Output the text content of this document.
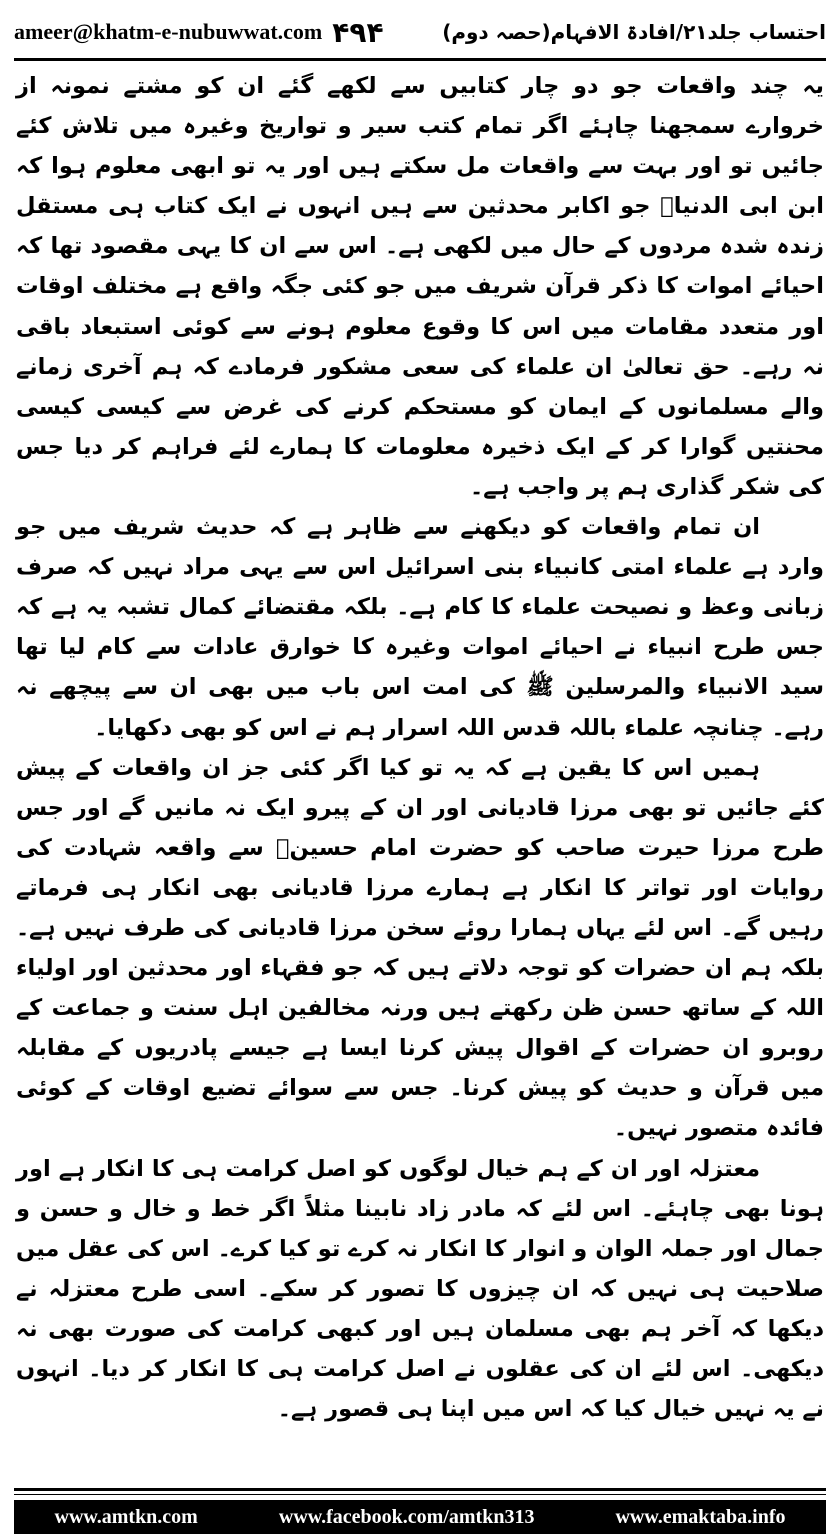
ameer@khatm-e-nubuwwat.com ۴۹۴	احتساب جلد۲۱/افادۃ الافہام(حصہ دوم)

یہ چند واقعات جو دو چار کتابیں سے لکھے گئے ان کو مشتے نمونہ از خروارے سمجھنا چاہئے اگر تمام کتب سیر و تواریخ وغیرہ میں تلاش کئے جائیں تو اور بہت سے واقعات مل سکتے ہیں اور یہ تو ابھی معلوم ہوا کہ ابن ابی الدنیاؒ جو اکابر محدثین سے ہیں انہوں نے ایک کتاب ہی مستقل زندہ شدہ مردوں کے حال میں لکھی ہے۔ اس سے ان کا یہی مقصود تھا کہ احیائے اموات کا ذکر قرآن شریف میں جو کئی جگہ واقع ہے مختلف اوقات اور متعدد مقامات میں اس کا وقوع معلوم ہونے سے کوئی استبعاد باقی نہ رہے۔ حق تعالیٰ ان علماء کی سعی مشکور فرمادے کہ ہم آخری زمانے والے مسلمانوں کے ایمان کو مستحکم کرنے کی غرض سے کیسی کیسی محنتیں گوارا کر کے ایک ذخیرہ معلومات کا ہمارے لئے فراہم کر دیا جس کی شکر گذاری ہم پر واجب ہے۔

ان تمام واقعات کو دیکھنے سے ظاہر ہے کہ حدیث شریف میں جو وارد ہے علماء امتی کانبیاء بنی اسرائیل اس سے یہی مراد نہیں کہ صرف زبانی وعظ و نصیحت علماء کا کام ہے۔ بلکہ مقتضائے کمال تشبہ یہ ہے کہ جس طرح انبیاء نے احیائے اموات وغیرہ کا خوارق عادات سے کام لیا تھا سید الانبیاء والمرسلین ﷺ کی امت اس باب میں بھی ان سے پیچھے نہ رہے۔ چنانچہ علماء باللہ قدس اللہ اسرار ہم نے اس کو بھی دکھایا۔

ہمیں اس کا یقین ہے کہ یہ تو کیا اگر کئی جز ان واقعات کے پیش کئے جائیں تو بھی مرزا قادیانی اور ان کے پیرو ایک نہ مانیں گے اور جس طرح مرزا حیرت صاحب کو حضرت امام حسینؓ سے واقعہ شہادت کی روایات اور تواتر کا انکار ہے ہمارے مرزا قادیانی بھی انکار ہی فرماتے رہیں گے۔ اس لئے یہاں ہمارا روئے سخن مرزا قادیانی کی طرف نہیں ہے۔ بلکہ ہم ان حضرات کو توجہ دلاتے ہیں کہ جو فقہاء اور محدثین اور اولیاء اللہ کے ساتھ حسن ظن رکھتے ہیں ورنہ مخالفین اہل سنت و جماعت کے روبرو ان حضرات کے اقوال پیش کرنا ایسا ہے جیسے پادریوں کے مقابلہ میں قرآن و حدیث کو پیش کرنا۔ جس سے سوائے تضیع اوقات کے کوئی فائدہ متصور نہیں۔

معتزلہ اور ان کے ہم خیال لوگوں کو اصل کرامت ہی کا انکار ہے اور ہونا بھی چاہئے۔ اس لئے کہ مادر زاد نابینا مثلاً اگر خط و خال و حسن و جمال اور جملہ الوان و انوار کا انکار نہ کرے تو کیا کرے۔ اس کی عقل میں صلاحیت ہی نہیں کہ ان چیزوں کا تصور کر سکے۔ اسی طرح معتزلہ نے دیکھا کہ آخر ہم بھی مسلمان ہیں اور کبھی کرامت کی صورت بھی نہ دیکھی۔ اس لئے ان کی عقلوں نے اصل کرامت ہی کا انکار کر دیا۔ انہوں نے یہ نہیں خیال کیا کہ اس میں اپنا ہی قصور ہے۔

www.amtkn.com	www.facebook.com/amtkn313	www.emaktaba.info
